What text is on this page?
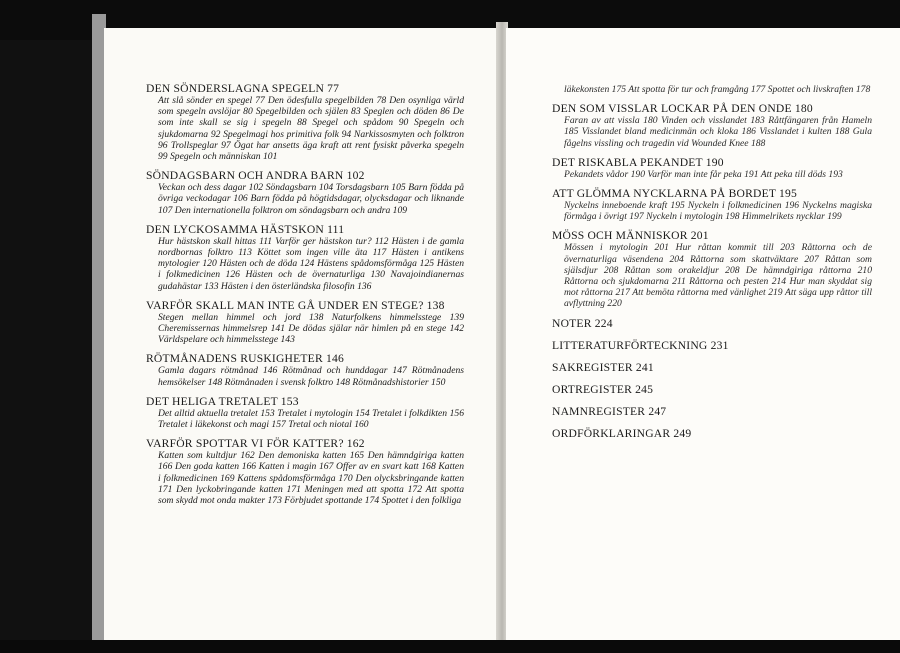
DEN SÖNDERSLAGNA SPEGELN 77
Att slå sönder en spegel 77 Den ödesfulla spegelbilden 78 Den osynliga värld som spegeln avslöjar 80 Spegelbilden och själen 83 Speglen och döden 86 De som inte skall se sig i spegeln 88 Spegel och spådom 90 Spegeln och sjukdomarna 92 Spegelmagi hos primitiva folk 94 Narkissosmyten och folktron 96 Trollspeglar 97 Ögat har ansetts äga kraft att rent fysiskt påverka spegeln 99 Spegeln och människan 101
SÖNDAGSBARN OCH ANDRA BARN 102
Veckan och dess dagar 102 Söndagsbarn 104 Torsdagsbarn 105 Barn födda på övriga veckodagar 106 Barn födda på högtidsdagar, olycksdagar och liknande 107 Den internationella folktron om söndagsbarn och andra 109
DEN LYCKOSAMMA HÄSTSKON 111
Hur hästskon skall hittas 111 Varför ger hästskon tur? 112 Hästen i de gamla nordbornas folktro 113 Köttet som ingen ville äta 117 Hästen i antikens mytologier 120 Hästen och de döda 124 Hästens spådomsförmåga 125 Hästen i folkmedicinen 126 Hästen och de övernaturliga 130 Navajoindianernas gudahästar 133 Hästen i den österländska filosofin 136
VARFÖR SKALL MAN INTE GÅ UNDER EN STEGE? 138
Stegen mellan himmel och jord 138 Naturfolkens himmelsstege 139 Cheremissernas himmelsrep 141 De dödas själar när himlen på en stege 142 Världspelare och himmelsstege 143
RÖTMÅNADENS RUSKIGHETER 146
Gamla dagars rötmånad 146 Rötmånad och hunddagar 147 Rötmånadens hemsökelser 148 Rötmånaden i svensk folktro 148 Rötmånadshistorier 150
DET HELIGA TRETALET 153
Det alltid aktuella tretalet 153 Tretalet i mytologin 154 Tretalet i folkdikten 156 Tretalet i läkekonst och magi 157 Tretal och niotal 160
VARFÖR SPOTTAR VI FÖR KATTER? 162
Katten som kultdjur 162 Den demoniska katten 165 Den hämndgiriga katten 166 Den goda katten 166 Katten i magin 167 Offer av en svart katt 168 Katten i folkmedicinen 169 Kattens spådomsförmåga 170 Den olycksbringande katten 171 Den lyckobringande katten 171 Meningen med att spotta 172 Att spotta som skydd mot onda makter 173 Förbjudet spottande 174 Spottet i den folkliga
läkekonsten 175 Att spotta för tur och framgång 177 Spottet och livskraften 178
DEN SOM VISSLAR LOCKAR PÅ DEN ONDE 180
Faran av att vissla 180 Vinden och visslandet 183 Råttfängaren från Hameln 185 Visslandet bland medicinmän och kloka 186 Visslandet i kulten 188 Gula fågelns vissling och tragedin vid Wounded Knee 188
DET RISKABLA PEKANDET 190
Pekandets vådor 190 Varför man inte får peka 191 Att peka till döds 193
ATT GLÖMMA NYCKLARNA PÅ BORDET 195
Nyckelns inneboende kraft 195 Nyckeln i folkmedicinen 196 Nyckelns magiska förmåga i övrigt 197 Nyckeln i mytologin 198 Himmelrikets nycklar 199
MÖSS OCH MÄNNISKOR 201
Mössen i mytologin 201 Hur råttan kommit till 203 Råttorna och de övernaturliga väsendena 204 Råttorna som skattväktare 207 Råttan som själsdjur 208 Råttan som orakeldjur 208 De hämndgiriga råttorna 210 Råttorna och sjukdomarna 211 Råttorna och pesten 214 Hur man skyddat sig mot råttorna 217 Att bemöta råttorna med vänlighet 219 Att säga upp råttor till avflyttning 220
NOTER 224
LITTERATURFÖRTECKNING 231
SAKREGISTER 241
ORTREGISTER 245
NAMNREGISTER 247
ORDFÖRKLARINGAR 249
